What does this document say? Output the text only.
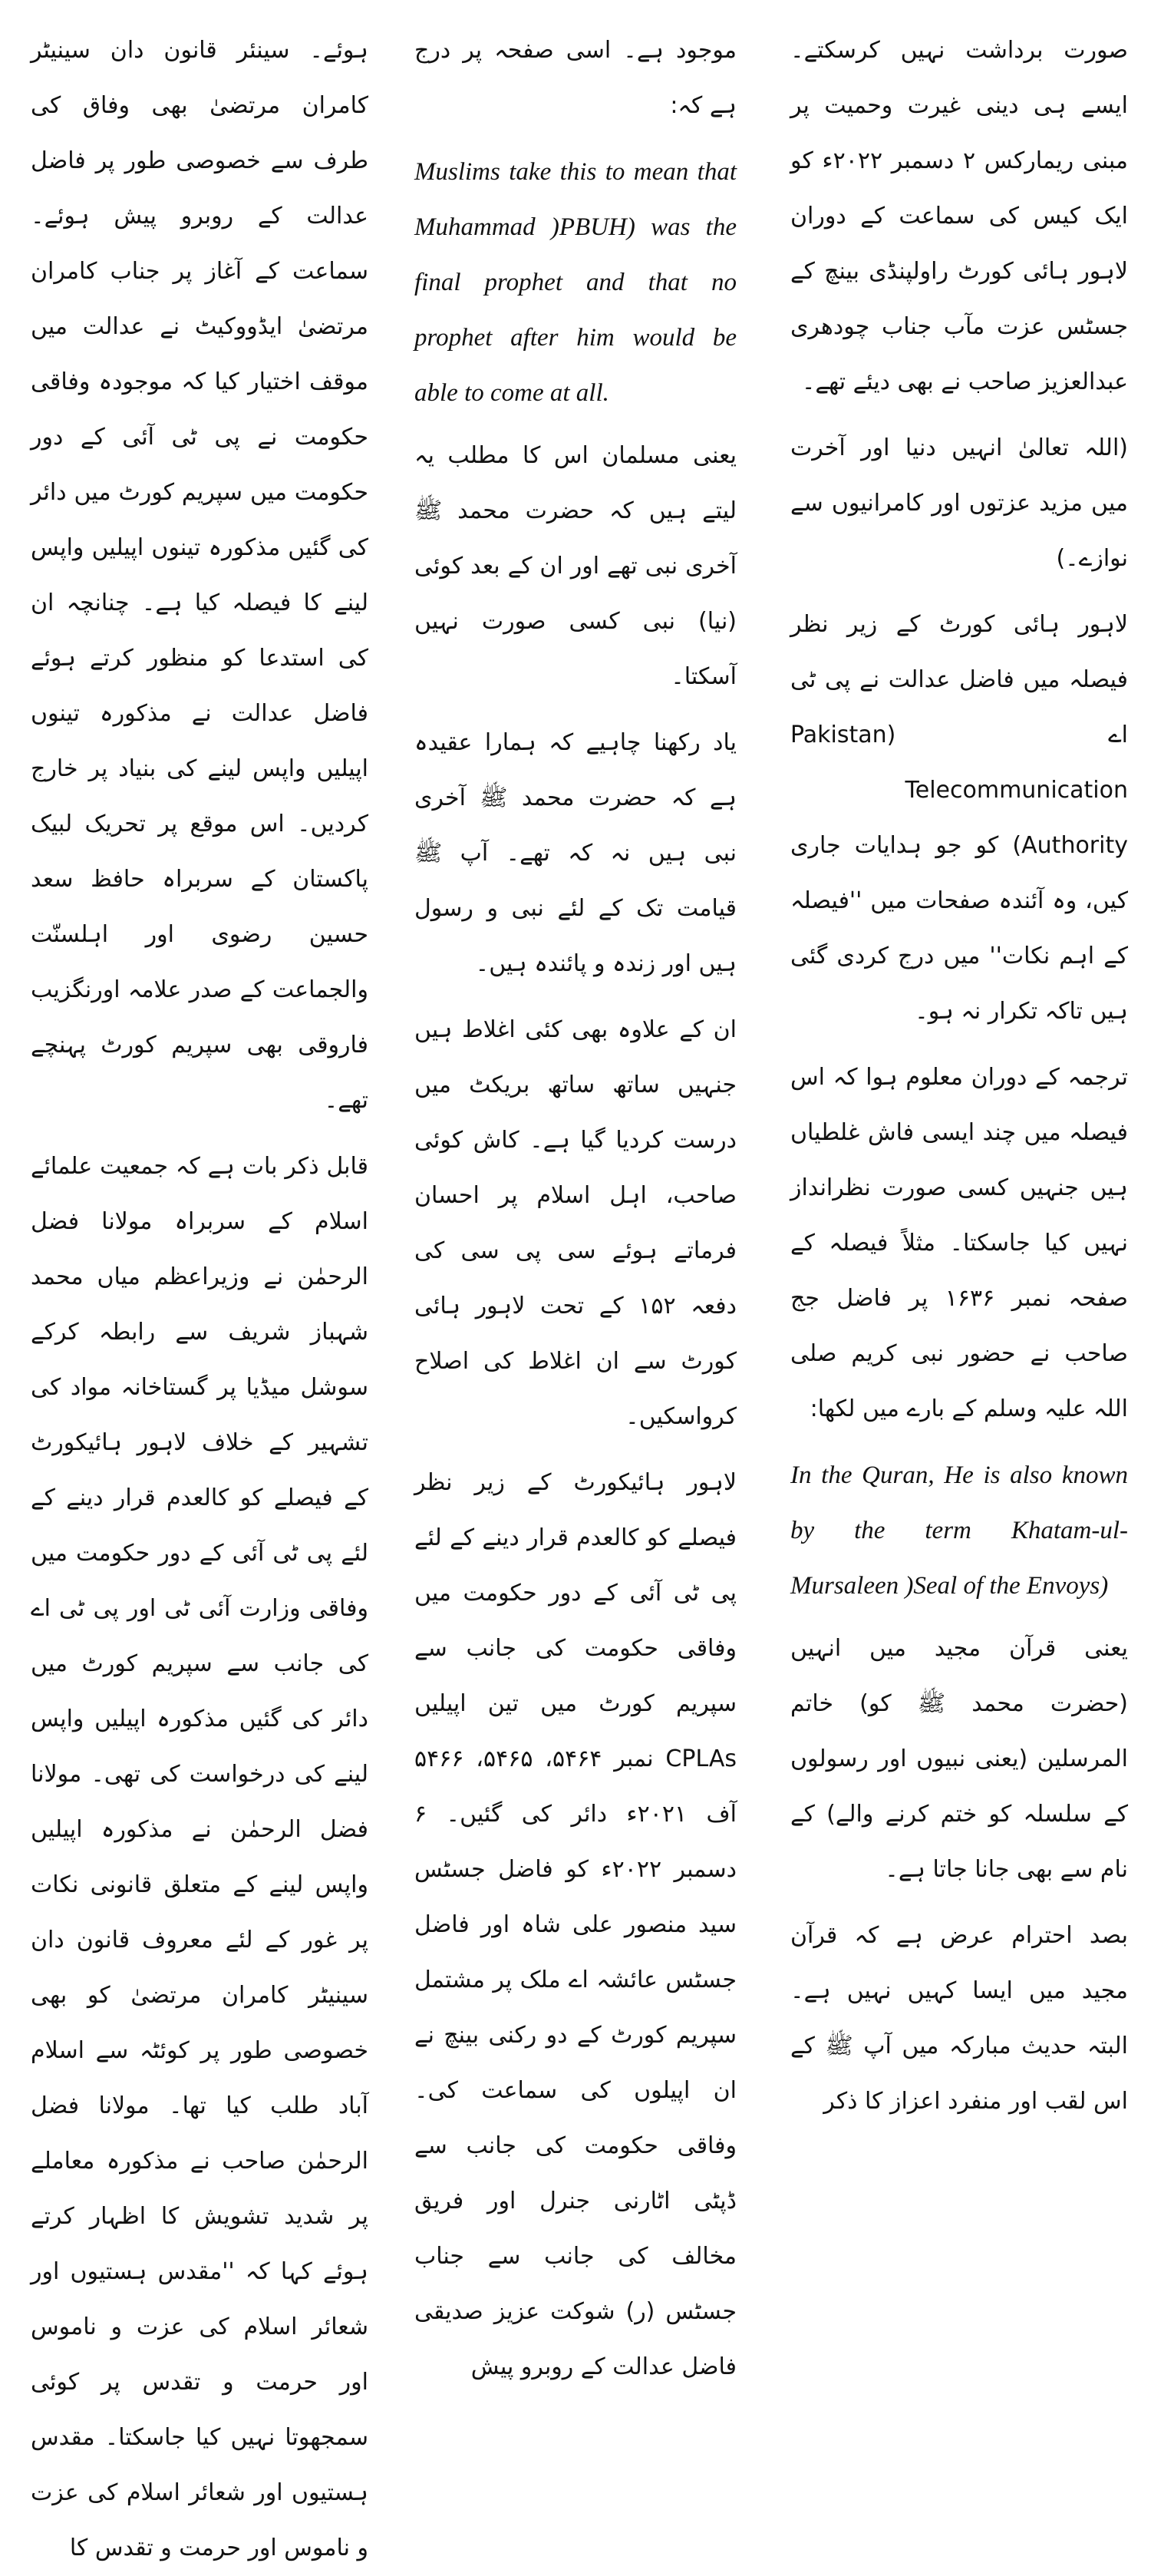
صورت برداشت نہیں کرسکتے۔ ایسے ہی دینی غیرت وحمیت پر مبنی ریمارکس ۲ دسمبر ۲۰۲۲ء کو ایک کیس کی سماعت کے دوران لاہور ہائی کورٹ راولپنڈی بینچ کے جسٹس عزت مآب جناب چودھری عبدالعزیز صاحب نے بھی دیئے تھے۔

(اللہ تعالیٰ انہیں دنیا اور آخرت میں مزید عزتوں اور کامرانیوں سے نوازے۔)

لاہور ہائی کورٹ کے زیر نظر فیصلہ میں فاضل عدالت نے پی ٹی اے (Pakistan Telecommunication Authority) کو جو ہدایات جاری کیں، وہ آئندہ صفحات میں ''فیصلہ کے اہم نکات'' میں درج کردی گئی ہیں تاکہ تکرار نہ ہو۔

ترجمہ کے دوران معلوم ہوا کہ اس فیصلہ میں چند ایسی فاش غلطیاں ہیں جنہیں کسی صورت نظرانداز نہیں کیا جاسکتا۔ مثلاً فیصلہ کے صفحہ نمبر ۱۶۳۶ پر فاضل جج صاحب نے حضور نبی کریم صلی اللہ علیہ وسلم کے بارے میں لکھا:

In the Quran, He is also known by the term Khatam-ul-Mursaleen )Seal of the Envoys)

یعنی قرآن مجید میں انہیں (حضرت محمد ﷺ کو) خاتم المرسلین (یعنی نبیوں اور رسولوں کے سلسلہ کو ختم کرنے والے) کے نام سے بھی جانا جاتا ہے۔

بصد احترام عرض ہے کہ قرآن مجید میں ایسا کہیں نہیں ہے۔ البتہ حدیث مبارکہ میں آپ ﷺ کے اس لقب اور منفرد اعزاز کا ذکر

موجود ہے۔ اسی صفحہ پر درج ہے کہ:

Muslims take this to mean that Muhammad )PBUH) was the final prophet and that no prophet after him would be able to come at all.

یعنی مسلمان اس کا مطلب یہ لیتے ہیں کہ حضرت محمد ﷺ آخری نبی تھے اور ان کے بعد کوئی (نیا) نبی کسی صورت نہیں آسکتا۔

یاد رکھنا چاہیے کہ ہمارا عقیدہ ہے کہ حضرت محمد ﷺ آخری نبی ہیں نہ کہ تھے۔ آپ ﷺ قیامت تک کے لئے نبی و رسول ہیں اور زندہ و پائندہ ہیں۔

ان کے علاوہ بھی کئی اغلاط ہیں جنہیں ساتھ ساتھ بریکٹ میں درست کردیا گیا ہے۔ کاش کوئی صاحب، اہل اسلام پر احسان فرماتے ہوئے سی پی سی کی دفعہ ۱۵۲ کے تحت لاہور ہائی کورٹ سے ان اغلاط کی اصلاح کرواسکیں۔

لاہور ہائیکورٹ کے زیر نظر فیصلے کو کالعدم قرار دینے کے لئے پی ٹی آئی کے دور حکومت میں وفاقی حکومت کی جانب سے سپریم کورٹ میں تین اپیلیں CPLAs نمبر ۵۴۶۴، ۵۴۶۵، ۵۴۶۶ آف ۲۰۲۱ء دائر کی گئیں۔ ۶ دسمبر ۲۰۲۲ء کو فاضل جسٹس سید منصور علی شاہ اور فاضل جسٹس عائشہ اے ملک پر مشتمل سپریم کورٹ کے دو رکنی بینچ نے ان اپیلوں کی سماعت کی۔ وفاقی حکومت کی جانب سے ڈپٹی اٹارنی جنرل اور فریق مخالف کی جانب سے جناب جسٹس (ر) شوکت عزیز صدیقی فاضل عدالت کے روبرو پیش

ہوئے۔ سینئر قانون دان سینیٹر کامران مرتضیٰ بھی وفاق کی طرف سے خصوصی طور پر فاضل عدالت کے روبرو پیش ہوئے۔ سماعت کے آغاز پر جناب کامران مرتضیٰ ایڈووکیٹ نے عدالت میں موقف اختیار کیا کہ موجودہ وفاقی حکومت نے پی ٹی آئی کے دور حکومت میں سپریم کورٹ میں دائر کی گئیں مذکورہ تینوں اپیلیں واپس لینے کا فیصلہ کیا ہے۔ چنانچہ ان کی استدعا کو منظور کرتے ہوئے فاضل عدالت نے مذکورہ تینوں اپیلیں واپس لینے کی بنیاد پر خارج کردیں۔ اس موقع پر تحریک لبیک پاکستان کے سربراہ حافظ سعد حسین رضوی اور اہلسنّت والجماعت کے صدر علامہ اورنگزیب فاروقی بھی سپریم کورٹ پہنچے تھے۔

قابل ذکر بات ہے کہ جمعیت علمائے اسلام کے سربراہ مولانا فضل الرحمٰن نے وزیراعظم میاں محمد شہباز شریف سے رابطہ کرکے سوشل میڈیا پر گستاخانہ مواد کی تشہیر کے خلاف لاہور ہائیکورٹ کے فیصلے کو کالعدم قرار دینے کے لئے پی ٹی آئی کے دور حکومت میں وفاقی وزارت آئی ٹی اور پی ٹی اے کی جانب سے سپریم کورٹ میں دائر کی گئیں مذکورہ اپیلیں واپس لینے کی درخواست کی تھی۔ مولانا فضل الرحمٰن نے مذکورہ اپیلیں واپس لینے کے متعلق قانونی نکات پر غور کے لئے معروف قانون دان سینیٹر کامران مرتضیٰ کو بھی خصوصی طور پر کوئٹہ سے اسلام آباد طلب کیا تھا۔ مولانا فضل الرحمٰن صاحب نے مذکورہ معاملے پر شدید تشویش کا اظہار کرتے ہوئے کہا کہ ''مقدس ہستیوں اور شعائر اسلام کی عزت و ناموس اور حرمت و تقدس پر کوئی سمجھوتا نہیں کیا جاسکتا۔ مقدس ہستیوں اور شعائر اسلام کی عزت و ناموس اور حرمت و تقدس کا
